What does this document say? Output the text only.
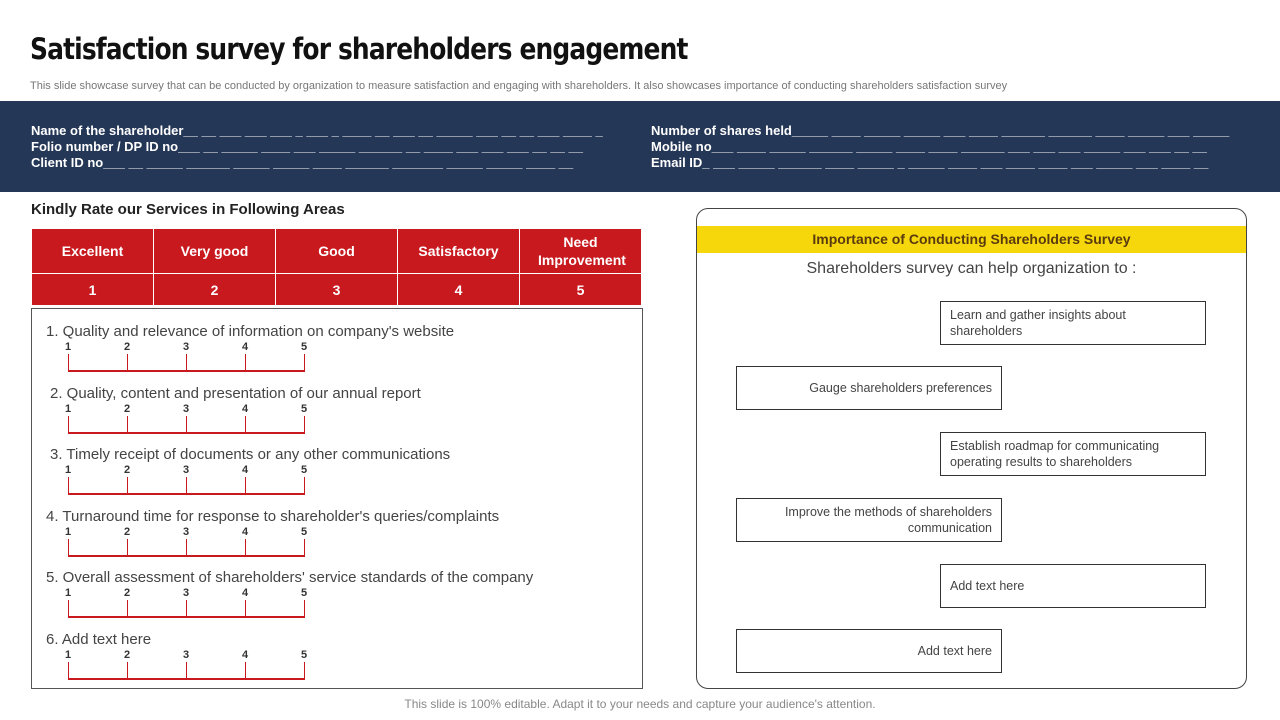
Satisfaction survey for shareholders engagement
This slide showcase survey that can be conducted by organization to measure satisfaction and engaging with shareholders. It also showcases importance of conducting shareholders satisfaction survey
Name of the shareholder__ __ ___ ___ ___ _ ___ _ ____ __ ___ __ _____ ___ __ __ ___ ____ _
Folio number / DP ID no___ __ _____ ____ ___ _____ ______ __ ____ ___ ___ ___ __ __ __
Client ID no___ __ _____ ______ _____ _____ ____ ______ _______ _____ _____ ____ __
Number of shares held_____ ____ _____ _____ ___ ____ ______ ______ ____ _____ ___ _____
Mobile no___ ____ _____ ______ _____ ____ ____ ______ ___ ___ ___ _____ ___ ___ __ __
Email ID_ ___ _____ ______ ____ _____ _ _____ ____ ___ ____ ____ ___ _____ ___ ____ __
Kindly Rate our Services in Following Areas
Excellent	Very good	Good	Satisfactory	Need Improvement
1	2	3	4	5
1. Quality and relevance of information on company's website
1	2	3	4	5
2. Quality, content and presentation of our annual report
1	2	3	4	5
3. Timely receipt of documents or any other communications
1	2	3	4	5
4. Turnaround time for response to shareholder's queries/complaints
1	2	3	4	5
5. Overall assessment of shareholders' service standards of the company
1	2	3	4	5
6. Add text here
1	2	3	4	5
Importance of Conducting Shareholders Survey
Shareholders survey can help organization to :
Learn and gather insights about shareholders
Gauge shareholders preferences
Establish roadmap for communicating operating results to shareholders
Improve the methods of shareholders communication
Add text here
Add text here
This slide is 100% editable. Adapt it to your needs and capture your audience's attention.
